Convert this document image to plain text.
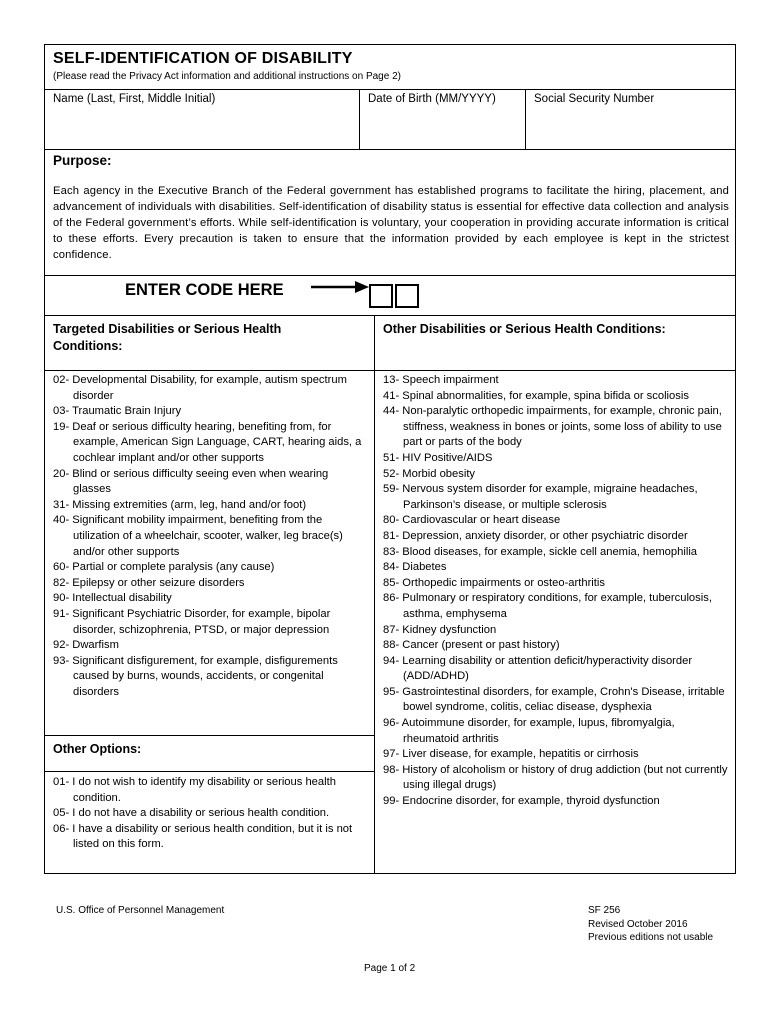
SELF-IDENTIFICATION OF DISABILITY
(Please read the Privacy Act information and additional instructions on Page 2)
Name (Last, First, Middle Initial)	Date of Birth (MM/YYYY)	Social Security Number
Purpose:
Each agency in the Executive Branch of the Federal government has established programs to facilitate the hiring, placement, and advancement of individuals with disabilities. Self-identification of disability status is essential for effective data collection and analysis of the Federal government’s efforts. While self-identification is voluntary, your cooperation in providing accurate information is critical to these efforts. Every precaution is taken to ensure that the information provided by each employee is kept in the strictest confidence.
ENTER CODE HERE
Targeted Disabilities or Serious Health Conditions:
Other Disabilities or Serious Health Conditions:
02- Developmental Disability, for example, autism spectrum disorder
03- Traumatic Brain Injury
19- Deaf or serious difficulty hearing, benefiting from, for example, American Sign Language, CART, hearing aids, a cochlear implant and/or other supports
20- Blind or serious difficulty seeing even when wearing glasses
31- Missing extremities (arm, leg, hand and/or foot)
40- Significant mobility impairment, benefiting from the utilization of a wheelchair, scooter, walker, leg brace(s) and/or other supports
60- Partial or complete paralysis (any cause)
82- Epilepsy or other seizure disorders
90- Intellectual disability
91- Significant Psychiatric Disorder, for example, bipolar disorder, schizophrenia, PTSD, or major depression
92- Dwarfism
93- Significant disfigurement, for example, disfigurements caused by burns, wounds, accidents, or congenital disorders
Other Options:
01- I do not wish to identify my disability or serious health condition.
05- I do not have a disability or serious health condition.
06- I have a disability or serious health condition, but it is not listed on this form.
13- Speech impairment
41- Spinal abnormalities, for example, spina bifida or scoliosis
44- Non-paralytic orthopedic impairments, for example, chronic pain, stiffness, weakness in bones or joints, some loss of ability to use part or parts of the body
51- HIV Positive/AIDS
52- Morbid obesity
59- Nervous system disorder for example, migraine headaches, Parkinson’s disease, or multiple sclerosis
80- Cardiovascular or heart disease
81- Depression, anxiety disorder, or other psychiatric disorder
83- Blood diseases, for example, sickle cell anemia, hemophilia
84- Diabetes
85- Orthopedic impairments or osteo-arthritis
86- Pulmonary or respiratory conditions, for example, tuberculosis, asthma, emphysema
87- Kidney dysfunction
88- Cancer (present or past history)
94- Learning disability or attention deficit/hyperactivity disorder (ADD/ADHD)
95- Gastrointestinal disorders, for example, Crohn's Disease, irritable bowel syndrome, colitis, celiac disease, dysphexia
96- Autoimmune disorder, for example, lupus, fibromyalgia, rheumatoid arthritis
97- Liver disease, for example, hepatitis or cirrhosis
98- History of alcoholism or history of drug addiction (but not currently using illegal drugs)
99- Endocrine disorder, for example, thyroid dysfunction
U.S. Office of Personnel Management	SF 256
Revised October 2016
Previous editions not usable
Page 1 of 2
